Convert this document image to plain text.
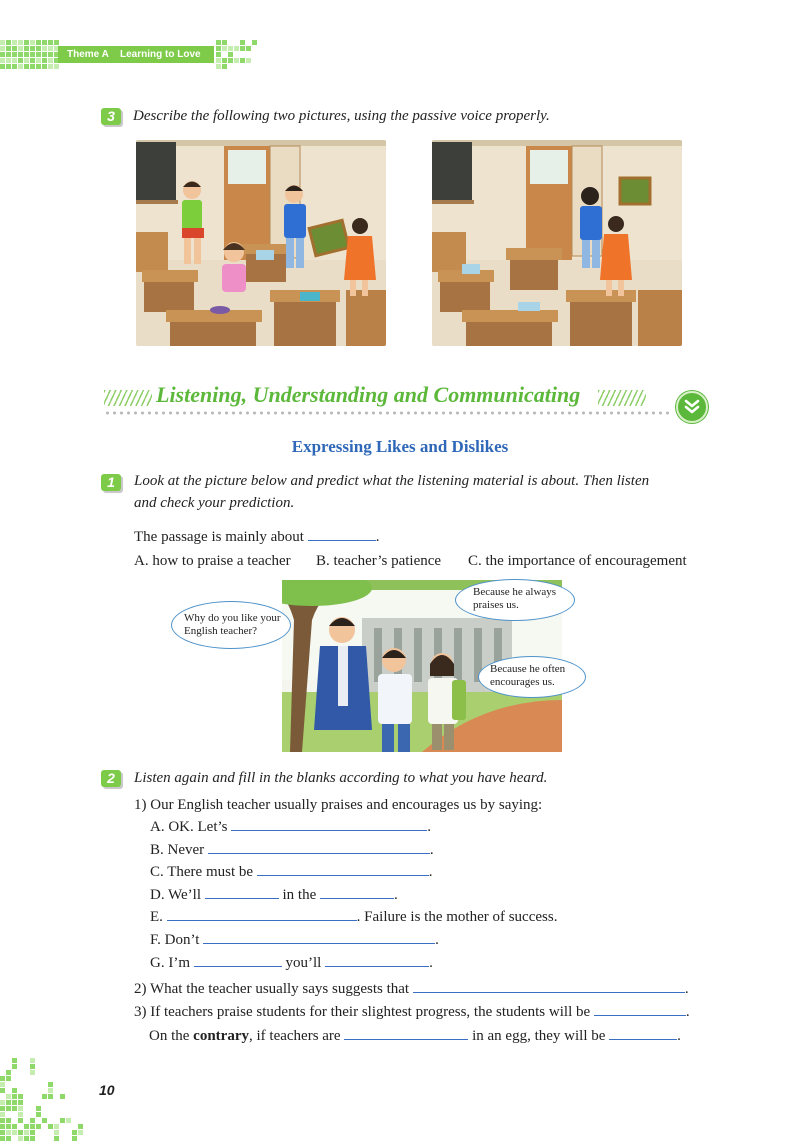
Theme A Learning to Love
3	Describe the following two pictures, using the passive voice properly.
Listening, Understanding and Communicating
Expressing Likes and Dislikes
1	Look at the picture below and predict what the listening material is about. Then listen
and check your prediction.
The passage is mainly about	.
A. how to praise a teacher B. teacher’s patience C. the importance of encouragement
Why do you like your
English teacher?
Because he always
praises us.
Because he often
encourages us.
2	Listen again and fill in the blanks according to what you have heard.
1) Our English teacher usually praises and encourages us by saying:
A. OK. Let’s	.
B. Never	.
C. There must be	.
D. We’ll	in the	.
E.	. Failure is the mother of success.
F. Don’t	.
G. I’m	you’ll	.
2) What the teacher usually says suggests that	.
3) If teachers praise students for their slightest progress, the students will be	.
On the contrary, if teachers are	in an egg, they will be	.
10
